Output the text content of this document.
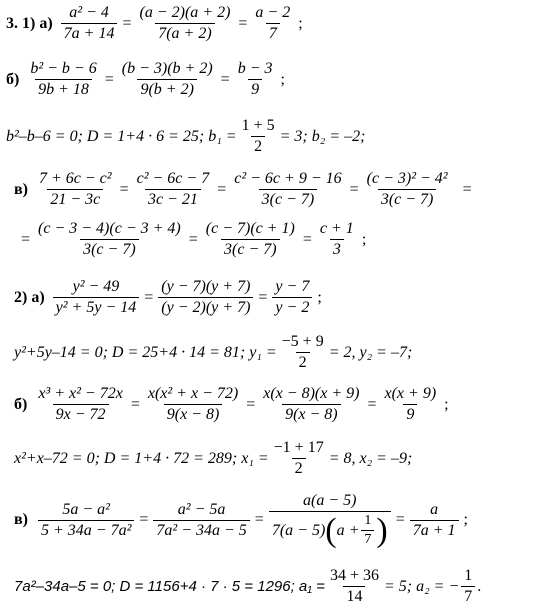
3. 1) $а) \frac{\text{a² − 4}}{7a + 14} = \frac{(a - 2)(a + 2)}{7(a + 2)} = \frac{a - 2}{7}$ ;
$б) \frac{\text{b² − b − 6}}{9b + 18} = \frac{(b - 3)(b + 2)}{9(b + 2)} = \frac{b - 3}{9}$ ;
b²–b–6 = 0; D = 1+4 · 6 = 25; $b_1 = \frac{1 + 5}{2} = 3$; b₂ = –2;
$в) \frac{\text{7 + 6c − c²}}{21 - 3c} = \frac{\text{c² − 6c − 7}}{3c - 21} = \frac{\text{c² − 6c + 9 − 16}}{3(c - 7)} = \frac{\text{(c − 3)² − 4²}}{3(c - 7)}$ =
= $\frac{(c - 3 - 4)(c - 3 + 4)}{3(c - 7)} = \frac{(c - 7)(c + 1)}{3(c - 7)} = \frac{c + 1}{3}$ ;
2) $а) \frac{\text{y² − 49}}{\text{y² + 5y − 14}} = \frac{(y - 7)(y + 7)}{(y - 2)(y + 7)} = \frac{y - 7}{y - 2}$ ;
y²+5y–14 = 0; D = 25+4 · 14 = 81; $y_1 = \frac{-5 + 9}{2} = 2$, y₂ = –7;
$б) \frac{\text{x³ + x² − 72x}}{9x - 72} = \frac{\text{x(x² + x − 72)}}{9(x - 8)} = \frac{x(x - 8)(x + 9)}{9(x - 8)} = \frac{x(x + 9)}{9}$ ;
x²+x–72 = 0; D = 1+4 · 72 = 289; $x_1 = \frac{-1 + 17}{2} = 8$, x₂ = –9;
$в) \frac{\text{5a − a²}}{\text{5 + 34a − 7a²}} = \frac{\text{a² − 5a}}{\text{7a² − 34a − 5}}$ =
a(a − 5)
7(a − 5) ( $a + \frac{1}{7}$ ) = $\frac{a}{7a + 1}$ ;
7a²–34a–5 = 0; D = 1156+4 · 7 · 5 = 1296; $a_1 = \frac{34 + 36}{14} = 5$; a₂ = − $\frac{1}{7}$ .
